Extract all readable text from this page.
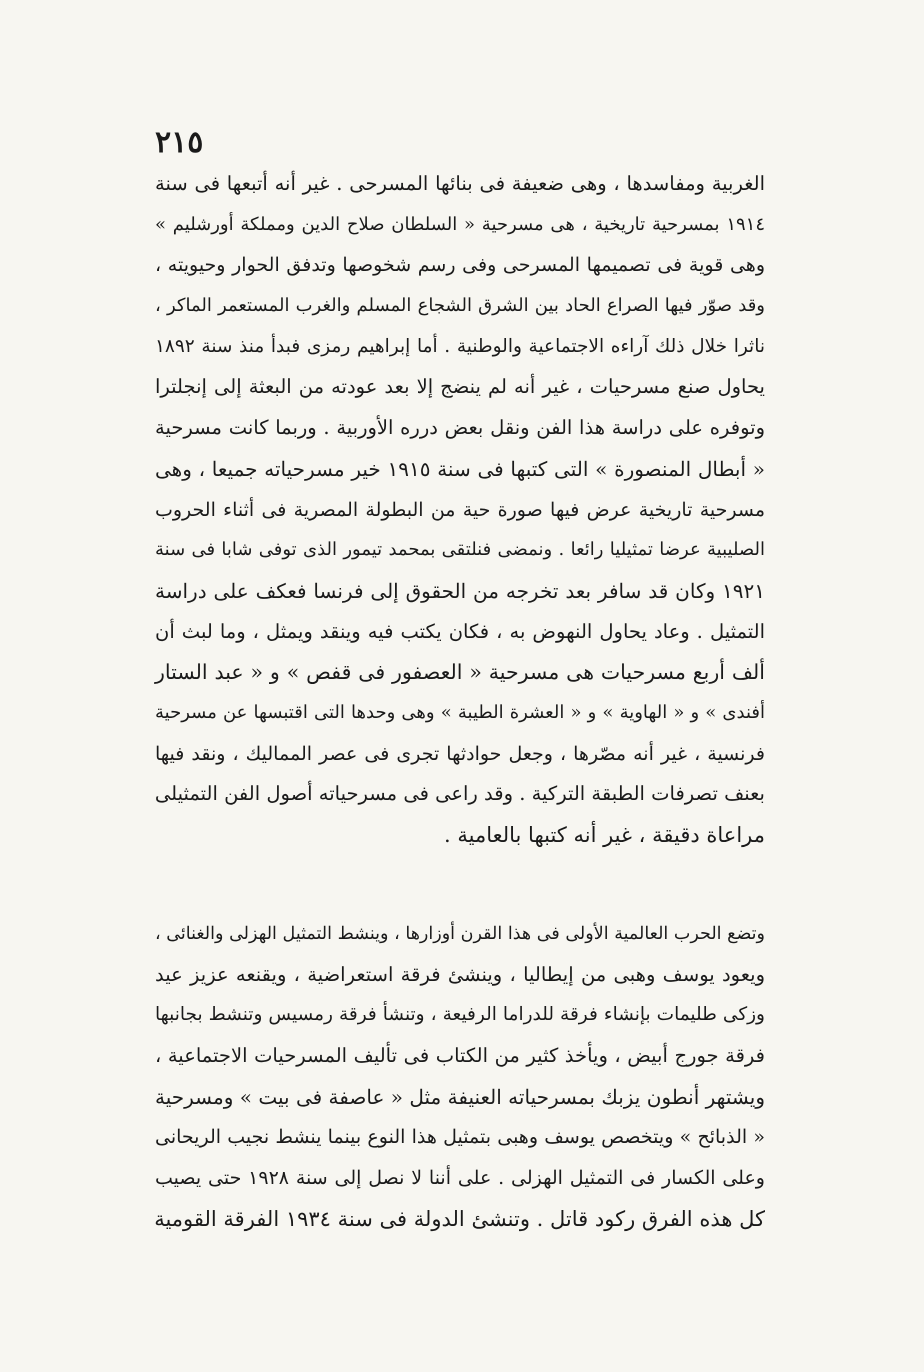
٢١٥
الغربية ومفاسدها ، وهى ضعيفة فى بنائها المسرحى . غير أنه أتبعها فى سنة
١٩١٤ بمسرحية تاريخية ، هى مسرحية « السلطان صلاح الدين ومملكة أورشليم »
وهى قوية فى تصميمها المسرحى وفى رسم شخوصها وتدفق الحوار وحيويته ،
وقد صوّر فيها الصراع الحاد بين الشرق الشجاع المسلم والغرب المستعمر الماكر ،
ناثرا خلال ذلك آراءه الاجتماعية والوطنية . أما إبراهيم رمزى فبدأ منذ سنة ١٨٩٢
يحاول صنع مسرحيات ، غير أنه لم ينضج إلا بعد عودته من البعثة إلى إنجلترا
وتوفره على دراسة هذا الفن ونقل بعض درره الأوربية . وربما كانت مسرحية
« أبطال المنصورة » التى كتبها فى سنة ١٩١٥ خير مسرحياته جميعا ، وهى
مسرحية تاريخية عرض فيها صورة حية من البطولة المصرية فى أثناء الحروب
الصليبية عرضا تمثيليا رائعا . ونمضى فنلتقى بمحمد تيمور الذى توفى شابا فى سنة
١٩٢١ وكان قد سافر بعد تخرجه من الحقوق إلى فرنسا فعكف على دراسة
التمثيل . وعاد يحاول النهوض به ، فكان يكتب فيه وينقد ويمثل ، وما لبث أن
ألف أربع مسرحيات هى مسرحية « العصفور فى قفص » و « عبد الستار
أفندى » و « الهاوية » و « العشرة الطيبة » وهى وحدها التى اقتبسها عن مسرحية
فرنسية ، غير أنه مصّرها ، وجعل حوادثها تجرى فى عصر المماليك ، ونقد فيها
بعنف تصرفات الطبقة التركية . وقد راعى فى مسرحياته أصول الفن التمثيلى
مراعاة دقيقة ، غير أنه كتبها بالعامية .
وتضع الحرب العالمية الأولى فى هذا القرن أوزارها ، وينشط التمثيل الهزلى والغنائى ،
ويعود يوسف وهبى من إيطاليا ، وينشئ فرقة استعراضية ، ويقنعه عزيز عيد
وزكى طليمات بإنشاء فرقة للدراما الرفيعة ، وتنشأ فرقة رمسيس وتنشط بجانبها
فرقة جورج أبيض ، ويأخذ كثير من الكتاب فى تأليف المسرحيات الاجتماعية ،
ويشتهر أنطون يزبك بمسرحياته العنيفة مثل « عاصفة فى بيت » ومسرحية
« الذبائح » ويتخصص يوسف وهبى بتمثيل هذا النوع بينما ينشط نجيب الريحانى
وعلى الكسار فى التمثيل الهزلى . على أننا لا نصل إلى سنة ١٩٢٨ حتى يصيب
كل هذه الفرق ركود قاتل . وتنشئ الدولة فى سنة ١٩٣٤ الفرقة القومية
